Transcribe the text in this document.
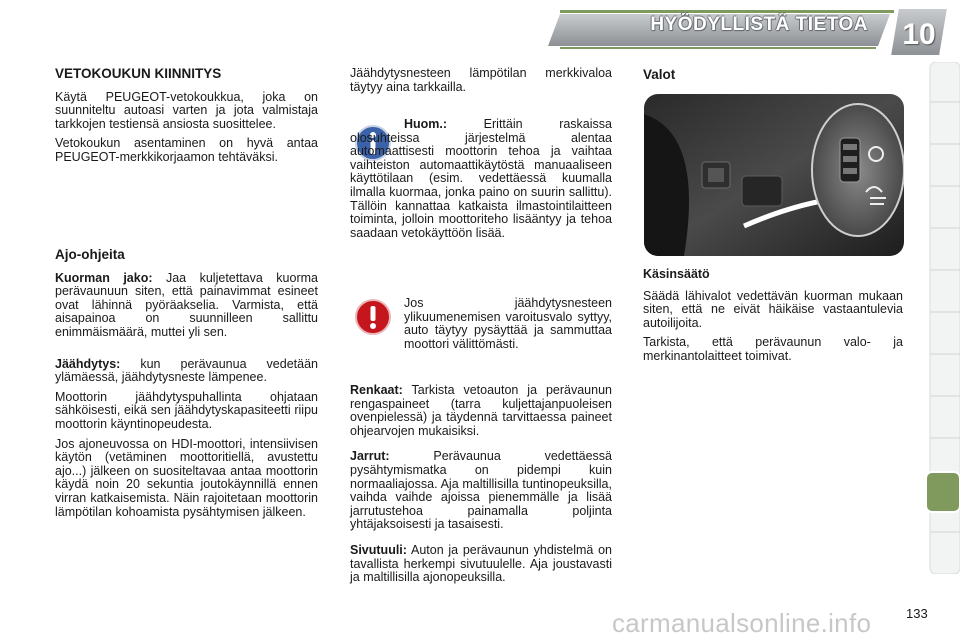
HYÖDYLLISTÄ TIETOA	10
VETOKOUKUN KIINNITYS

Käytä PEUGEOT-vetokoukkua, joka on suunniteltu autoasi varten ja jota valmistaja tarkkojen testiensä ansiosta suosittelee.

Vetokoukun asentaminen on hyvä antaa PEUGEOT-merkkikorjaamon tehtäväksi.

Ajo-ohjeita

Kuorman jako: Jaa kuljetettava kuorma perävaunuun siten, että painavimmat esineet ovat lähinnä pyöräakselia. Varmista, että aisapainoa on suunnilleen sallittu enimmäismäärä, muttei yli sen.

Jäähdytys: kun perävaunua vedetään ylämäessä, jäähdytysneste lämpenee.

Moottorin jäähdytyspuhallinta ohjataan sähköisesti, eikä sen jäähdytyskapasiteetti riipu moottorin käyntinopeudesta.

Jos ajoneuvossa on HDI-moottori, intensiivisen käytön (vetäminen moottoritiellä, avustettu ajo...) jälkeen on suositeltavaa antaa moottorin käydä noin 20 sekuntia joutokäynnillä ennen virran katkaisemista. Näin rajoitetaan moottorin lämpötilan kohoamista pysähtymisen jälkeen.

Jäähdytysnesteen lämpötilan merkkivaloa täytyy aina tarkkailla.

Huom.: Erittäin raskaissa olosuhteissa järjestelmä alentaa automaattisesti moottorin tehoa ja vaihtaa vaihteiston automaattikäytöstä manuaaliseen käyttötilaan (esim. vedettäessä kuumalla ilmalla kuormaa, jonka paino on suurin sallittu). Tällöin kannattaa katkaista ilmastointilaitteen toiminta, jolloin moottoriteho lisääntyy ja tehoa saadaan vetokäyttöön lisää.

Jos jäähdytysnesteen ylikuumenemisen varoitusvalo syttyy, auto täytyy pysäyttää ja sammuttaa moottori välittömästi.

Renkaat: Tarkista vetoauton ja perävaunun rengaspaineet (tarra kuljettajanpuoleisen ovenpielessä) ja täydennä tarvittaessa paineet ohjearvojen mukaisiksi.

Jarrut: Perävaunua vedettäessä pysähtymismatka on pidempi kuin normaaliajossa. Aja maltillisilla tuntinopeuksilla, vaihda vaihde ajoissa pienemmälle ja lisää jarrutustehoa painamalla poljinta yhtäjaksoisesti ja tasaisesti.

Sivutuuli: Auton ja perävaunun yhdistelmä on tavallista herkempi sivutuulelle. Aja joustavasti ja maltillisilla ajonopeuksilla.

Valot

Käsinsäätö

Säädä lähivalot vedettävän kuorman mukaan siten, että ne eivät häikäise vastaantulevia autoilijoita.

Tarkista, että perävaunun valo- ja merkinantolaitteet toimivat.

carmanualsonline.info	133
